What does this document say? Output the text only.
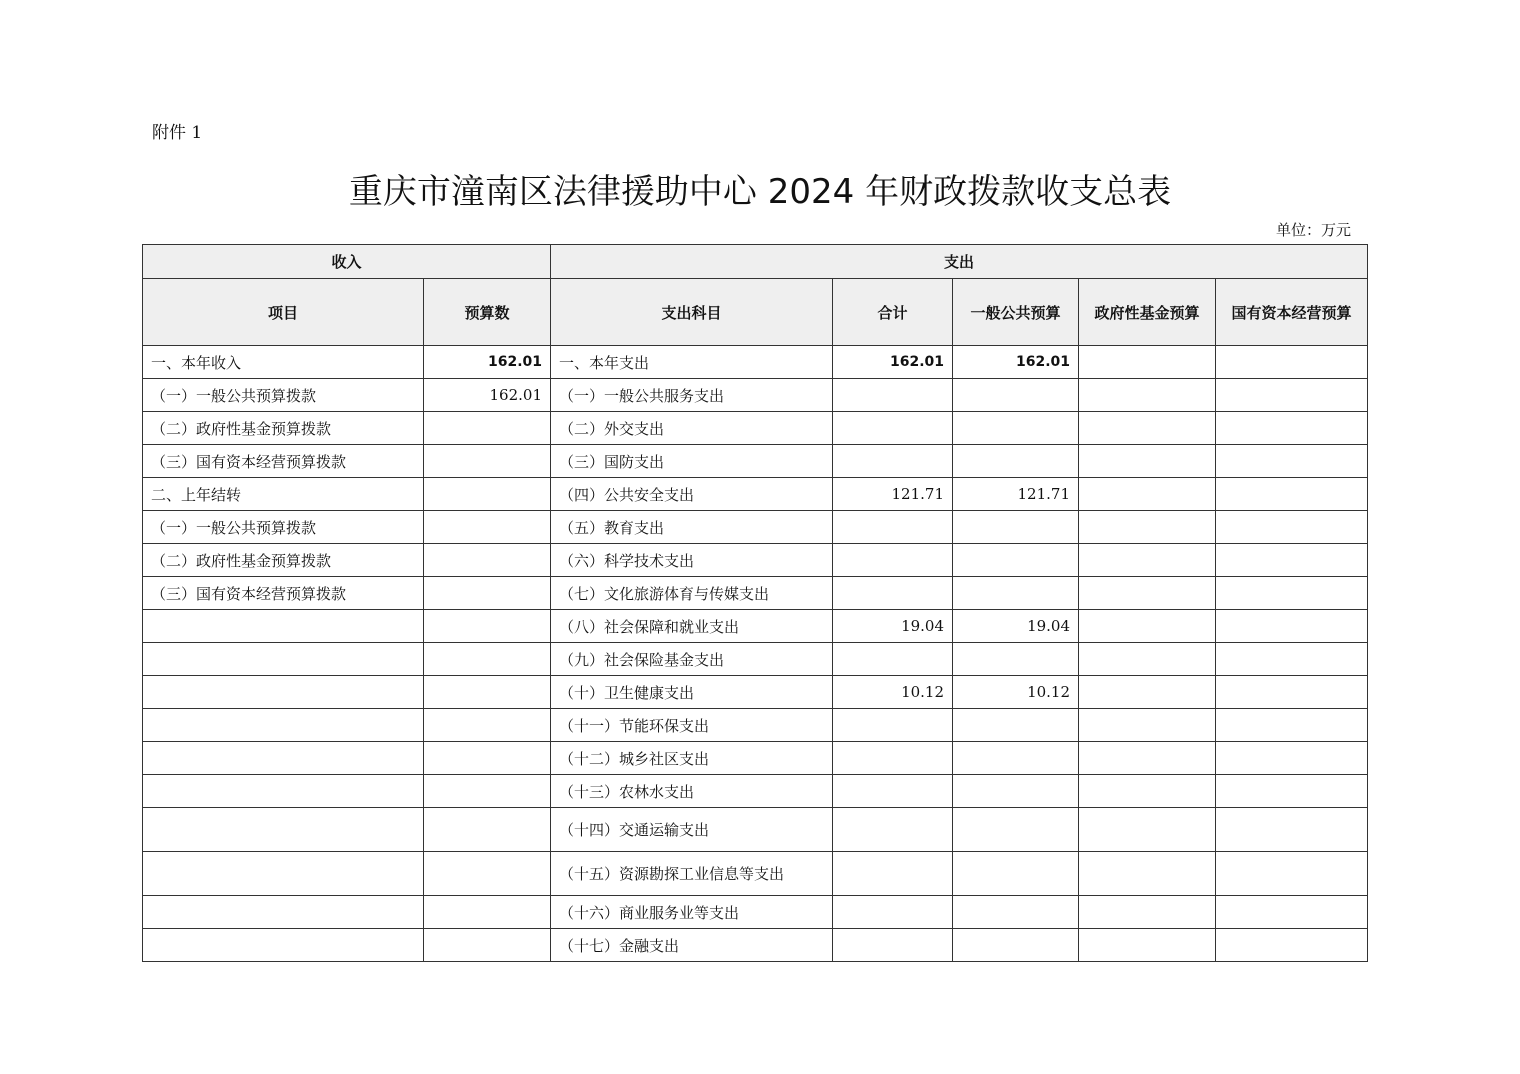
附件 1
重庆市潼南区法律援助中心 2024 年财政拨款收支总表
单位：万元
收入		支出				
项目	预算数	支出科目	合计	一般公共预算	政府性基金预算	国有资本经营预算
一、本年收入	162.01	一、本年支出	162.01	162.01		
（一）一般公共预算拨款	162.01	（一）一般公共服务支出				
（二）政府性基金预算拨款		（二）外交支出				
（三）国有资本经营预算拨款		（三）国防支出				
二、上年结转		（四）公共安全支出	121.71	121.71		
（一）一般公共预算拨款		（五）教育支出				
（二）政府性基金预算拨款		（六）科学技术支出				
（三）国有资本经营预算拨款		（七）文化旅游体育与传媒支出				
		（八）社会保障和就业支出	19.04	19.04		
		（九）社会保险基金支出				
		（十）卫生健康支出	10.12	10.12		
		（十一）节能环保支出				
		（十二）城乡社区支出				
		（十三）农林水支出				
		（十四）交通运输支出				
		（十五）资源勘探工业信息等支出				
		（十六）商业服务业等支出				
		（十七）金融支出				
